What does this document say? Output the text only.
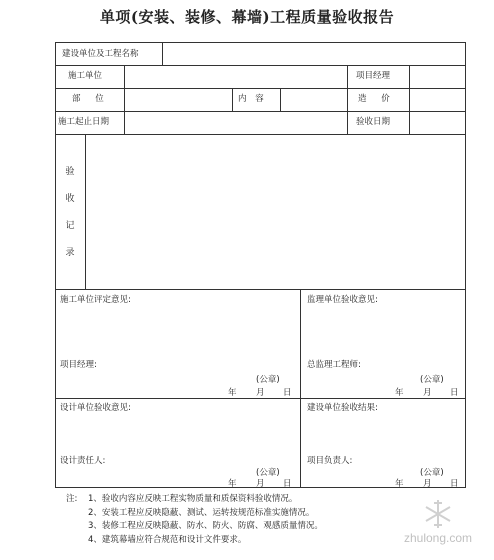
单项(安装、装修、幕墙)工程质量验收报告
建设单位及工程名称
施工单位	项目经理
部 位	内 容	造 价
施工起止日期	验收日期
验
收
记
录
施工单位评定意见:
项目经理:
(公章)
年 月 日
监理单位验收意见:
总监理工程师:
(公章)
年 月 日
设计单位验收意见:
设计责任人:
(公章)
年 月 日
建设单位验收结果:
项目负责人:
(公章)
年 月 日
注: 1、验收内容应反映工程实物质量和质保资料验收情况。
2、安装工程应反映隐蔽、测试、运转按规范标准实施情况。
3、装修工程应反映隐蔽、防水、防火、防腐、观感质量情况。
4、建筑幕墙应符合规范和设计文件要求。	zhulong.com
